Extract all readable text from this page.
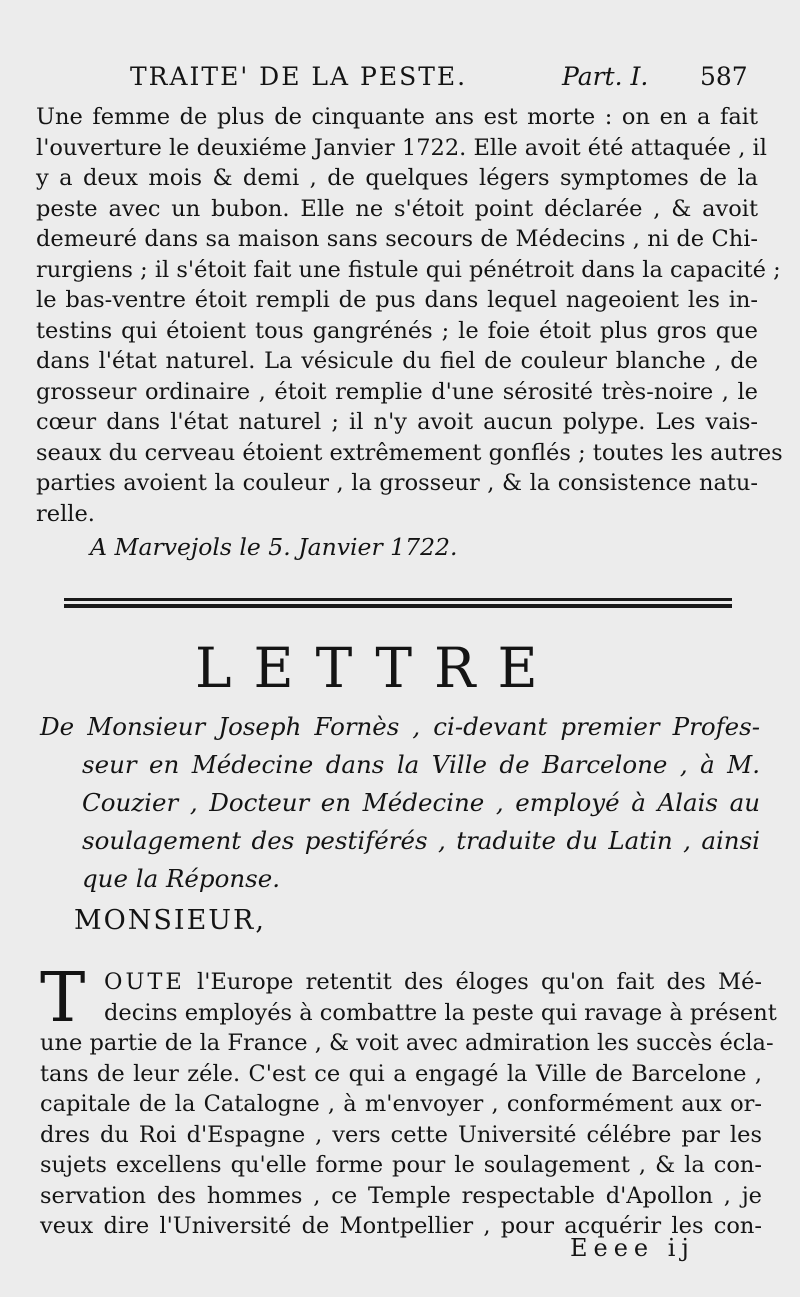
TRAITE' DE LA PESTE.	Part. I. 587
Une femme de plus de cinquante ans est morte : on en a fait
l'ouverture le deuxiéme Janvier 1722. Elle avoit été attaquée , il
y a deux mois & demi , de quelques légers symptomes de la
peste avec un bubon. Elle ne s'étoit point déclarée , & avoit
demeuré dans sa maison sans secours de Médecins , ni de Chi-
rurgiens ; il s'étoit fait une fistule qui pénétroit dans la capacité ;
le bas-ventre étoit rempli de pus dans lequel nageoient les in-
testins qui étoient tous gangrénés ; le foie étoit plus gros que
dans l'état naturel. La vésicule du fiel de couleur blanche , de
grosseur ordinaire , étoit remplie d'une sérosité très-noire , le
cœur dans l'état naturel ; il n'y avoit aucun polype. Les vais-
seaux du cerveau étoient extrêmement gonflés ; toutes les autres
parties avoient la couleur , la grosseur , & la consistence natu-
relle.
A Marvejols le 5. Janvier 1722.
LETTRE
De Monsieur Joseph Fornès , ci-devant premier Profes-
seur en Médecine dans la Ville de Barcelone , à M.
Couzier , Docteur en Médecine , employé à Alais au
soulagement des pestiférés , traduite du Latin , ainsi
que la Réponse.
MONSIEUR,
T OUTE l'Europe retentit des éloges qu'on fait des Mé-
decins employés à combattre la peste qui ravage à présent
une partie de la France , & voit avec admiration les succès écla-
tans de leur zéle. C'est ce qui a engagé la Ville de Barcelone ,
capitale de la Catalogne , à m'envoyer , conformément aux or-
dres du Roi d'Espagne , vers cette Université célébre par les
sujets excellens qu'elle forme pour le soulagement , & la con-
servation des hommes , ce Temple respectable d'Apollon , je
veux dire l'Université de Montpellier , pour acquérir les con-
Eeee ij
